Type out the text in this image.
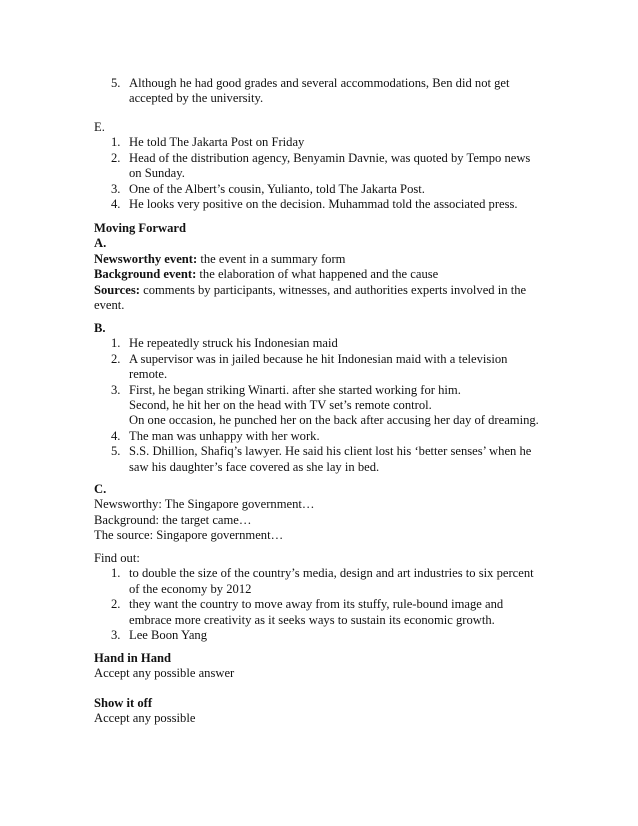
5. Although he had good grades and several accommodations, Ben did not get
accepted by the university.
E.
1. He told The Jakarta Post on Friday
2. Head of the distribution agency, Benyamin Davnie, was quoted by Tempo news
on Sunday.
3. One of the Albert’s cousin, Yulianto, told The Jakarta Post.
4. He looks very positive on the decision. Muhammad told the associated press.
Moving Forward
A.
Newsworthy event: the event in a summary form
Background event: the elaboration of what happened and the cause
Sources: comments by participants, witnesses, and authorities experts involved in the
event.
B.
1. He repeatedly struck his Indonesian maid
2. A supervisor was in jailed because he hit Indonesian maid with a television
remote.
3. First, he began striking Winarti. after she started working for him.
Second, he hit her on the head with TV set’s remote control.
On one occasion, he punched her on the back after accusing her day of dreaming.
4. The man was unhappy with her work.
5. S.S. Dhillion, Shafiq’s lawyer. He said his client lost his ‘better senses’ when he
saw his daughter’s face covered as she lay in bed.
C.
Newsworthy: The Singapore government…
Background: the target came…
The source: Singapore government…
Find out:
1. to double the size of the country’s media, design and art industries to six percent
of the economy by 2012
2. they want the country to move away from its stuffy, rule-bound image and
embrace more creativity as it seeks ways to sustain its economic growth.
3. Lee Boon Yang
Hand in Hand
Accept any possible answer
Show it off
Accept any possible
